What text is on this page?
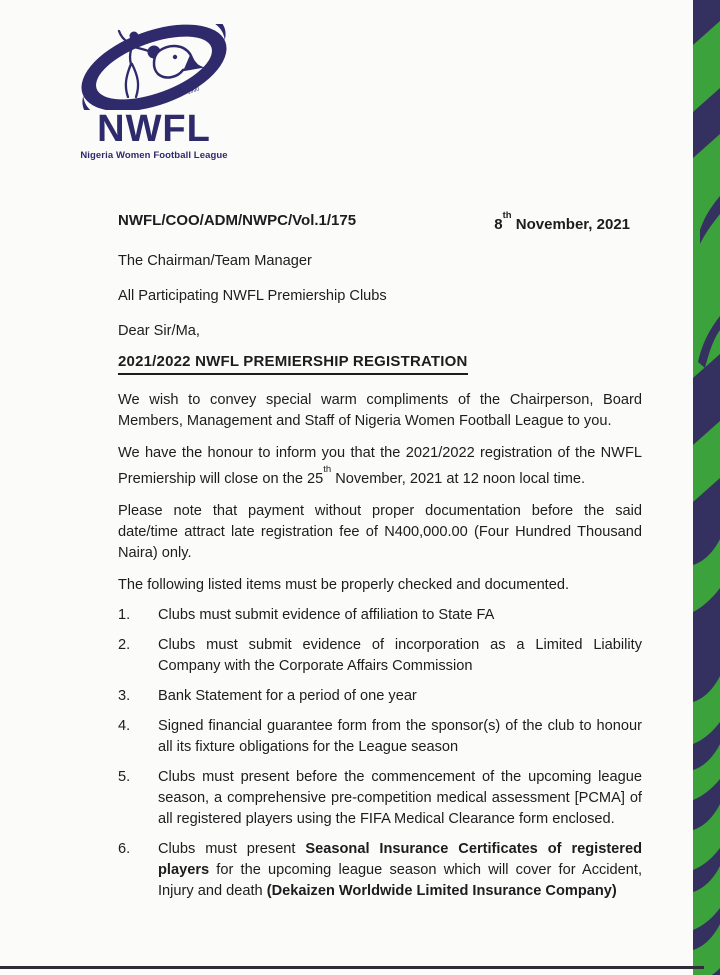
1990
NWFL
Nigeria Women Football League
NWFL/COO/ADM/NWPC/Vol.1/175	8th November, 2021

The Chairman/Team Manager

All Participating NWFL Premiership Clubs

Dear Sir/Ma,

2021/2022 NWFL PREMIERSHIP REGISTRATION

We wish to convey special warm compliments of the Chairperson, Board Members, Management and Staff of Nigeria Women Football League to you.

We have the honour to inform you that the 2021/2022 registration of the NWFL Premiership will close on the 25th November, 2021 at 12 noon local time.

Please note that payment without proper documentation before the said date/time attract late registration fee of N400,000.00 (Four Hundred Thousand Naira) only.

The following listed items must be properly checked and documented.

1.	Clubs must submit evidence of affiliation to State FA
2.	Clubs must submit evidence of incorporation as a Limited Liability Company with the Corporate Affairs Commission
3.	Bank Statement for a period of one year
4.	Signed financial guarantee form from the sponsor(s) of the club to honour all its fixture obligations for the League season
5.	Clubs must present before the commencement of the upcoming league season, a comprehensive pre-competition medical assessment [PCMA] of all registered players using the FIFA Medical Clearance form enclosed.
6.	Clubs must present Seasonal Insurance Certificates of registered players for the upcoming league season which will cover for Accident, Injury and death (Dekaizen Worldwide Limited Insurance Company)
